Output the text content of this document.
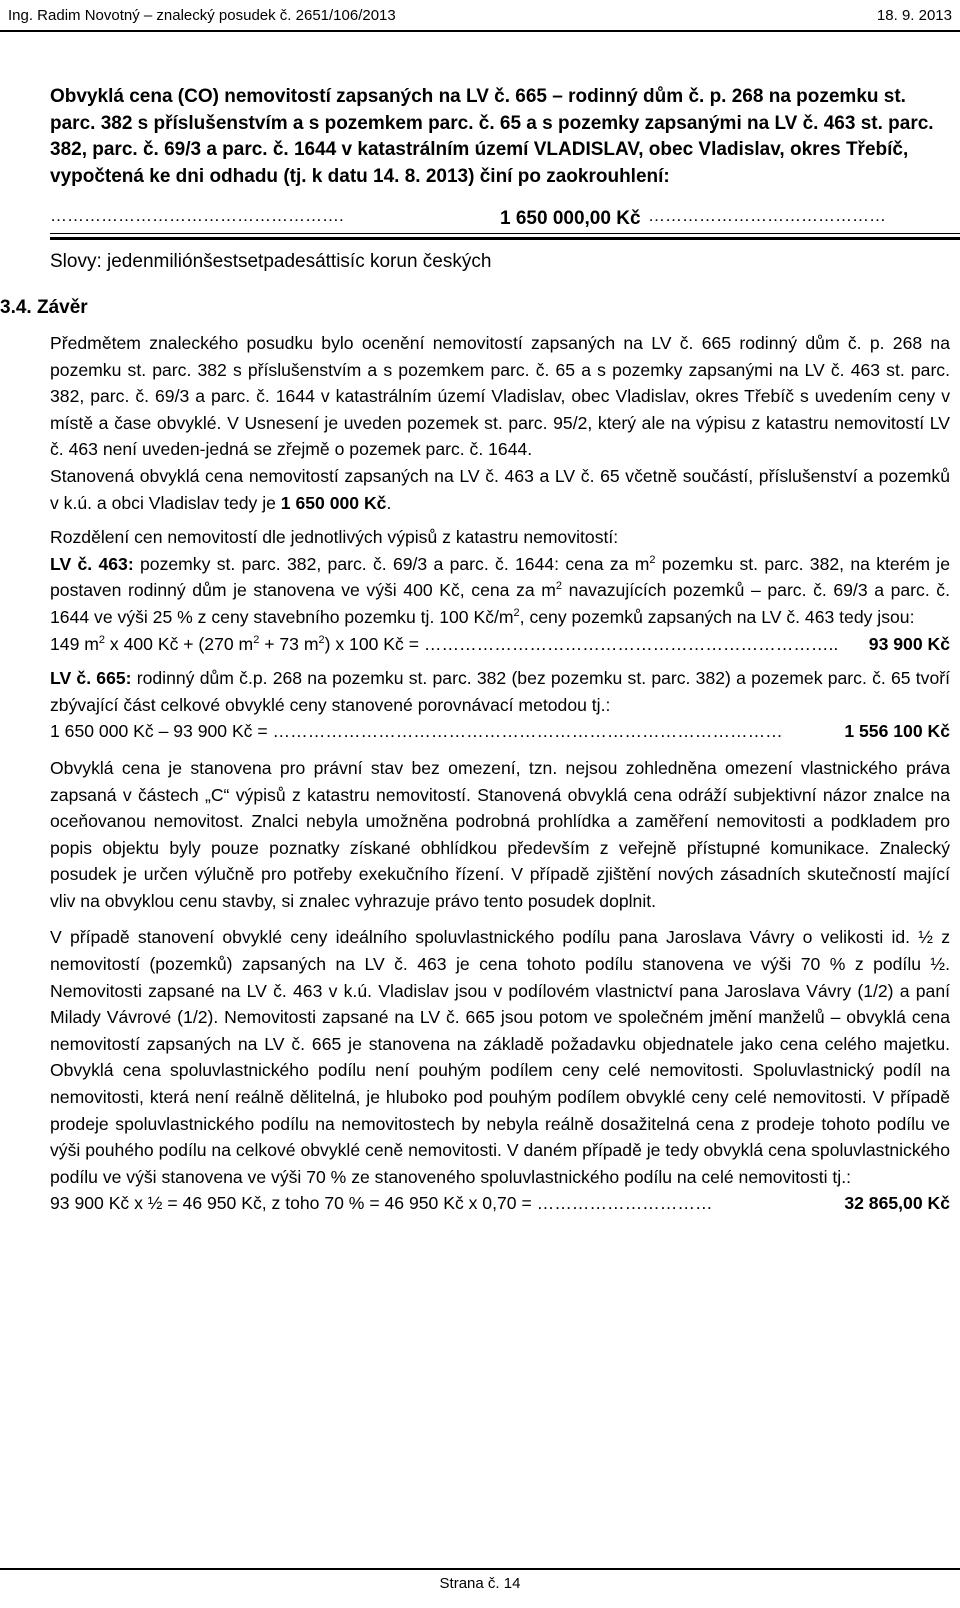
Ing. Radim Novotný – znalecký posudek č. 2651/106/2013	18. 9. 2013
Obvyklá cena (CO) nemovitostí zapsaných na LV č. 665 – rodinný dům č. p. 268 na pozemku st. parc. 382 s příslušenstvím a s pozemkem parc. č. 65 a s pozemky zapsanými na LV č. 463 st. parc. 382, parc. č. 69/3 a parc. č. 1644 v katastrálním území VLADISLAV, obec Vladislav, okres Třebíč, vypočtená ke dni odhadu (tj. k datu 14. 8. 2013) činí po zaokrouhlení:
…………………………………………….	1 650 000,00 Kč ……………………………………
Slovy: jedenmiliónšestsetpadesáttisíc korun českých
3.4. Závěr

Předmětem znaleckého posudku bylo ocenění nemovitostí zapsaných na LV č. 665 rodinný dům č. p. 268 na pozemku st. parc. 382 s příslušenstvím a s pozemkem parc. č. 65 a s pozemky zapsanými na LV č. 463 st. parc. 382, parc. č. 69/3 a parc. č. 1644 v katastrálním území Vladislav, obec Vladislav, okres Třebíč s uvedením ceny v místě a čase obvyklé. V Usnesení je uveden pozemek st. parc. 95/2, který ale na výpisu z katastru nemovitostí LV č. 463 není uveden-jedná se zřejmě o pozemek parc. č. 1644.

Stanovená obvyklá cena nemovitostí zapsaných na LV č. 463 a LV č. 65 včetně součástí, příslušenství a pozemků v k.ú. a obci Vladislav tedy je 1 650 000 Kč.

Rozdělení cen nemovitostí dle jednotlivých výpisů z katastru nemovitostí:

LV č. 463: pozemky st. parc. 382, parc. č. 69/3 a parc. č. 1644: cena za $m^2$ pozemku st. parc. 382, na kterém je postaven rodinný dům je stanovena ve výši 400 Kč, cena za $m^2$ navazujících pozemků – parc. č. 69/3 a parc. č. 1644 ve výši 25 % z ceny stavebního pozemku tj. 100 $Kč/m^2$, ceny pozemků zapsaných na LV č. 463 tedy jsou:

149 $m^2$ x 400 Kč + (270 $m^2 + 73$ $m^2$) x 100 Kč = …………………………………………………………….. 93 900 Kč

LV č. 665: rodinný dům č.p. 268 na pozemku st. parc. 382 (bez pozemku st. parc. 382) a pozemek parc. č. 65 tvoří zbývající část celkové obvyklé ceny stanovené porovnávací metodou tj.:

1 650 000 Kč – 93 900 Kč = ……………………………………………………………………………	1 556 100 Kč

Obvyklá cena je stanovena pro právní stav bez omezení, tzn. nejsou zohledněna omezení vlastnického práva zapsaná v částech „C“ výpisů z katastru nemovitostí. Stanovená obvyklá cena odráží subjektivní názor znalce na oceňovanou nemovitost. Znalci nebyla umožněna podrobná prohlídka a zaměření nemovitosti a podkladem pro popis objektu byly pouze poznatky získané obhlídkou především z veřejně přístupné komunikace. Znalecký posudek je určen výlučně pro potřeby exekučního řízení. V případě zjištění nových zásadních skutečností mající vliv na obvyklou cenu stavby, si znalec vyhrazuje právo tento posudek doplnit.

V případě stanovení obvyklé ceny ideálního spoluvlastnického podílu pana Jaroslava Vávry o velikosti id. ½ z nemovitostí (pozemků) zapsaných na LV č. 463 je cena tohoto podílu stanovena ve výši 70 % z podílu ½. Nemovitosti zapsané na LV č. 463 v k.ú. Vladislav jsou v podílovém vlastnictví pana Jaroslava Vávry (1/2) a paní Milady Vávrové (1/2). Nemovitosti zapsané na LV č. 665 jsou potom ve společném jmění manželů – obvyklá cena nemovitostí zapsaných na LV č. 665 je stanovena na základě požadavku objednatele jako cena celého majetku. Obvyklá cena spoluvlastnického podílu není pouhým podílem ceny celé nemovitosti. Spoluvlastnický podíl na nemovitosti, která není reálně dělitelná, je hluboko pod pouhým podílem obvyklé ceny celé nemovitosti. V případě prodeje spoluvlastnického podílu na nemovitostech by nebyla reálně dosažitelná cena z prodeje tohoto podílu ve výši pouhého podílu na celkové obvyklé ceně nemovitosti. V daném případě je tedy obvyklá cena spoluvlastnického podílu ve výši stanovena ve výši 70 % ze stanoveného spoluvlastnického podílu na celé nemovitosti tj.:

93 900 Kč x ½ = 46 950 Kč, z toho 70 % = 46 950 Kč x 0,70 = …………………………	32 865,00 Kč
Strana č. 14
